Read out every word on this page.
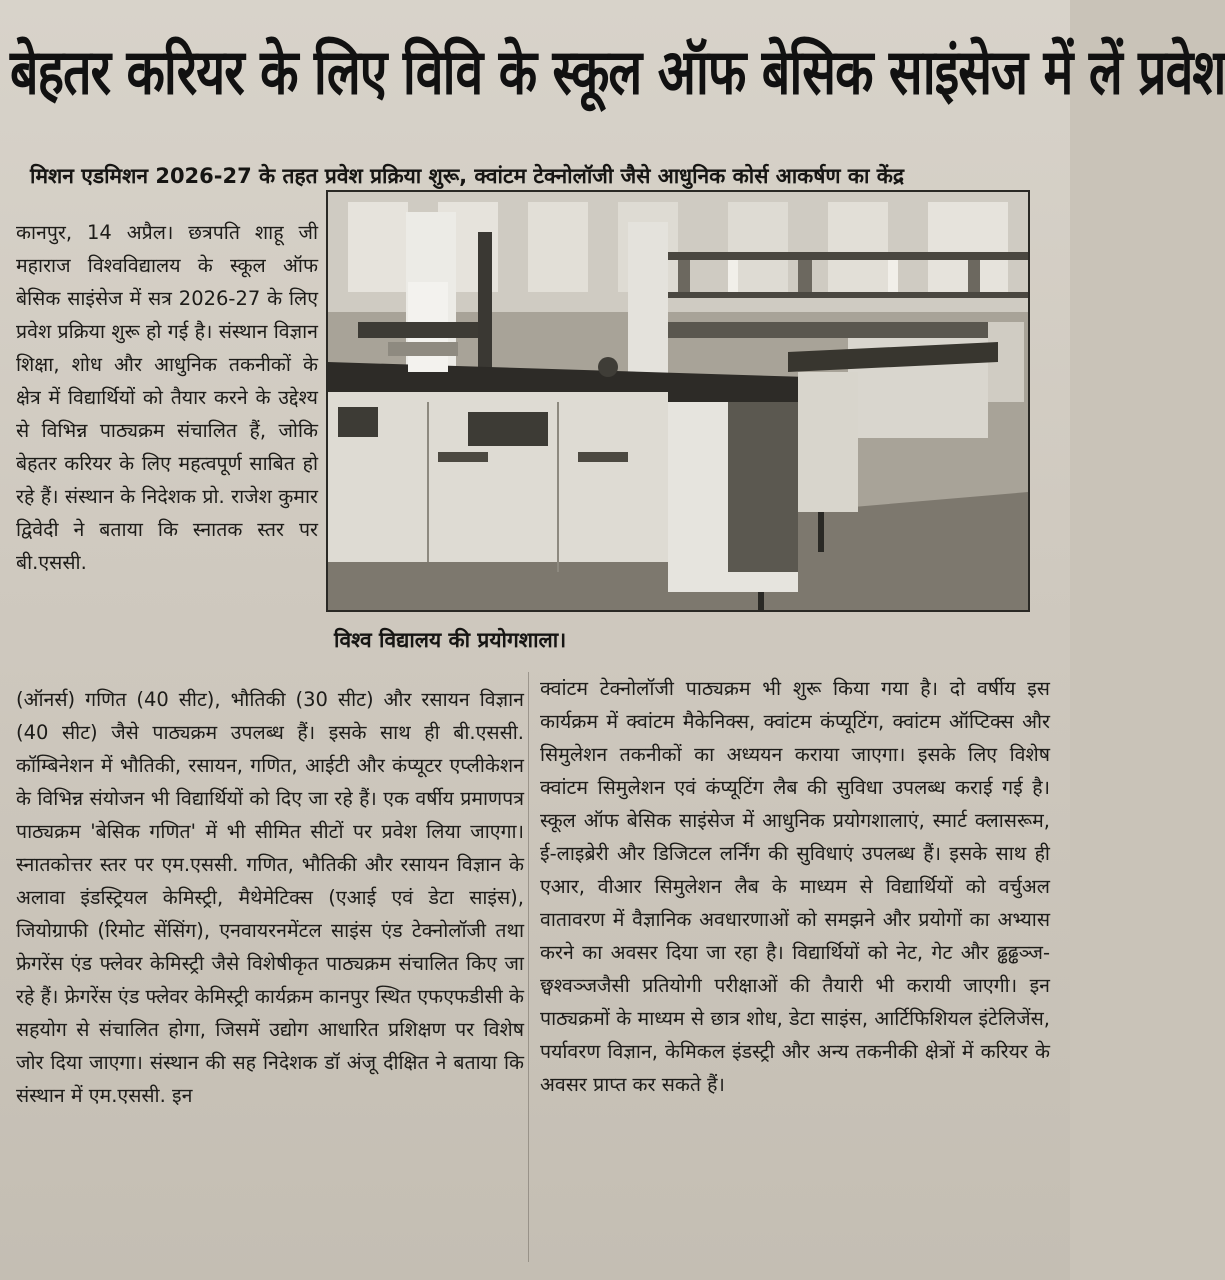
बेहतर करियर के लिए विवि के स्कूल ऑफ बेसिक साइंसेज में लें प्रवेश
मिशन एडमिशन 2026-27 के तहत प्रवेश प्रक्रिया शुरू, क्वांटम टेक्नोलॉजी जैसे आधुनिक कोर्स आकर्षण का केंद्र
विश्व विद्यालय की प्रयोगशाला।

कानपुर, 14 अप्रैल। छत्रपति शाहू जी महाराज विश्वविद्यालय के स्कूल ऑफ बेसिक साइंसेज में सत्र 2026-27 के लिए प्रवेश प्रक्रिया शुरू हो गई है। संस्थान विज्ञान शिक्षा, शोध और आधुनिक तकनीकों के क्षेत्र में विद्यार्थियों को तैयार करने के उद्देश्य से विभिन्न पाठ्यक्रम संचालित हैं, जोकि बेहतर करियर के लिए महत्वपूर्ण साबित हो रहे हैं। संस्थान के निदेशक प्रो. राजेश कुमार द्विवेदी ने बताया कि स्नातक स्तर पर बी.एससी.

(ऑनर्स) गणित (40 सीट), भौतिकी (30 सीट) और रसायन विज्ञान (40 सीट) जैसे पाठ्यक्रम उपलब्ध हैं। इसके साथ ही बी.एससी. कॉम्बिनेशन में भौतिकी, रसायन, गणित, आईटी और कंप्यूटर एप्लीकेशन के विभिन्न संयोजन भी विद्यार्थियों को दिए जा रहे हैं। एक वर्षीय प्रमाणपत्र पाठ्यक्रम 'बेसिक गणित' में भी सीमित सीटों पर प्रवेश लिया जाएगा। स्नातकोत्तर स्तर पर एम.एससी. गणित, भौतिकी और रसायन विज्ञान के अलावा इंडस्ट्रियल केमिस्ट्री, मैथेमेटिक्स (एआई एवं डेटा साइंस), जियोग्राफी (रिमोट सेंसिंग), एनवायरनमेंटल साइंस एंड टेक्नोलॉजी तथा फ्रेगरेंस एंड फ्लेवर केमिस्ट्री जैसे विशेषीकृत पाठ्यक्रम संचालित किए जा रहे हैं। फ्रेगरेंस एंड फ्लेवर केमिस्ट्री कार्यक्रम कानपुर स्थित एफएफडीसी के सहयोग से संचालित होगा, जिसमें उद्योग आधारित प्रशिक्षण पर विशेष जोर दिया जाएगा। संस्थान की सह निदेशक डॉ अंजू दीक्षित ने बताया कि संस्थान में एम.एससी. इन

क्वांटम टेक्नोलॉजी पाठ्यक्रम भी शुरू किया गया है। दो वर्षीय इस कार्यक्रम में क्वांटम मैकेनिक्स, क्वांटम कंप्यूटिंग, क्वांटम ऑप्टिक्स और सिमुलेशन तकनीकों का अध्ययन कराया जाएगा। इसके लिए विशेष क्वांटम सिमुलेशन एवं कंप्यूटिंग लैब की सुविधा उपलब्ध कराई गई है। स्कूल ऑफ बेसिक साइंसेज में आधुनिक प्रयोगशालाएं, स्मार्ट क्लासरूम, ई-लाइब्रेरी और डिजिटल लर्निंग की सुविधाएं उपलब्ध हैं। इसके साथ ही एआर, वीआर सिमुलेशन लैब के माध्यम से विद्यार्थियों को वर्चुअल वातावरण में वैज्ञानिक अवधारणाओं को समझने और प्रयोगों का अभ्यास करने का अवसर दिया जा रहा है। विद्यार्थियों को नेट, गेट और ढ्ढढ्ढञ्ज-छ्वश्वञ्जजैसी प्रतियोगी परीक्षाओं की तैयारी भी करायी जाएगी। इन पाठ्यक्रमों के माध्यम से छात्र शोध, डेटा साइंस, आर्टिफिशियल इंटेलिजेंस, पर्यावरण विज्ञान, केमिकल इंडस्ट्री और अन्य तकनीकी क्षेत्रों में करियर के अवसर प्राप्त कर सकते हैं।
